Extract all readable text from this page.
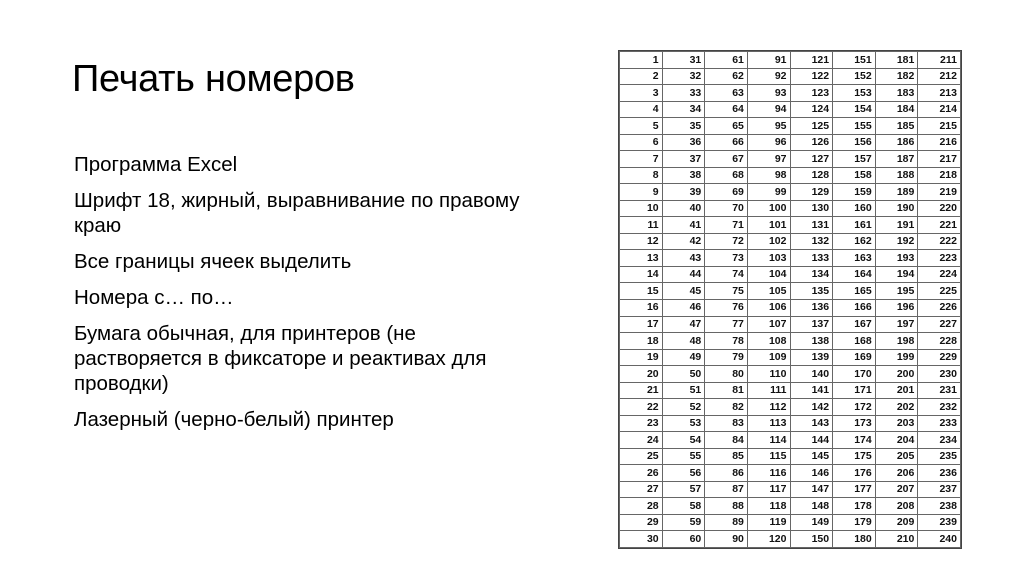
Печать номеров
Программа Excel
Шрифт 18, жирный, выравнивание по правому краю
Все границы ячеек выделить
Номера с… по…
Бумага обычная, для принтеров (не растворяется в фиксаторе и реактивах для проводки)
Лазерный (черно-белый) принтер
1	31	61	91	121	151	181	211
2	32	62	92	122	152	182	212
3	33	63	93	123	153	183	213
4	34	64	94	124	154	184	214
5	35	65	95	125	155	185	215
6	36	66	96	126	156	186	216
7	37	67	97	127	157	187	217
8	38	68	98	128	158	188	218
9	39	69	99	129	159	189	219
10	40	70	100	130	160	190	220
11	41	71	101	131	161	191	221
12	42	72	102	132	162	192	222
13	43	73	103	133	163	193	223
14	44	74	104	134	164	194	224
15	45	75	105	135	165	195	225
16	46	76	106	136	166	196	226
17	47	77	107	137	167	197	227
18	48	78	108	138	168	198	228
19	49	79	109	139	169	199	229
20	50	80	110	140	170	200	230
21	51	81	111	141	171	201	231
22	52	82	112	142	172	202	232
23	53	83	113	143	173	203	233
24	54	84	114	144	174	204	234
25	55	85	115	145	175	205	235
26	56	86	116	146	176	206	236
27	57	87	117	147	177	207	237
28	58	88	118	148	178	208	238
29	59	89	119	149	179	209	239
30	60	90	120	150	180	210	240
